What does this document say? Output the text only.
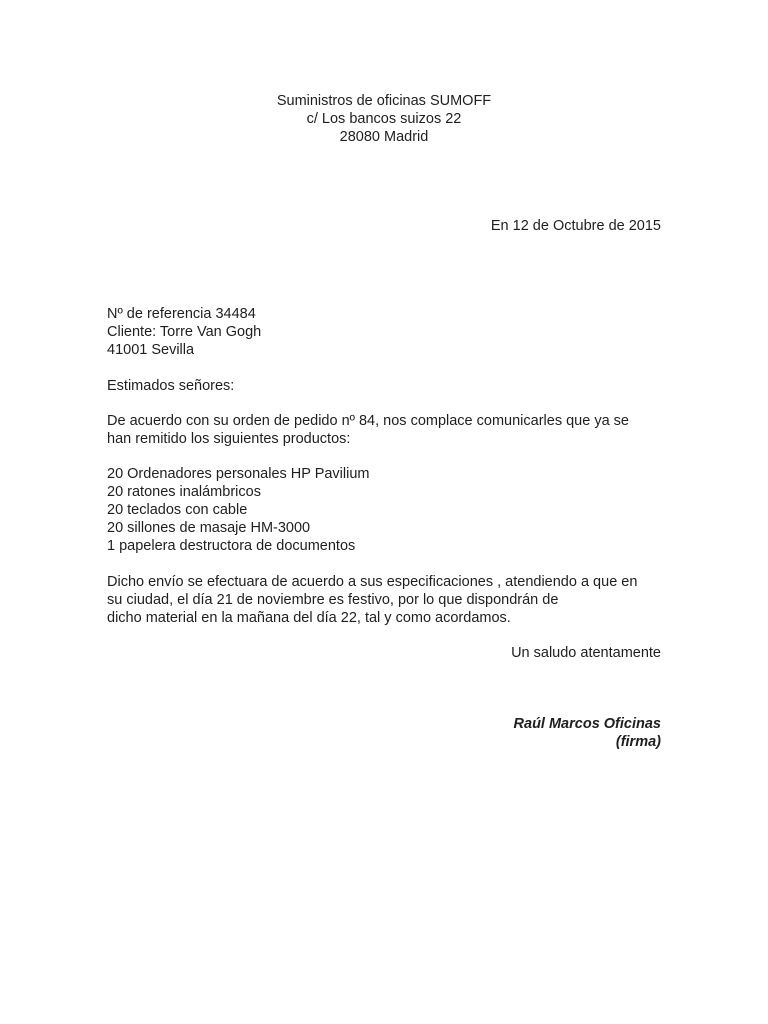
Suministros de oficinas SUMOFF
c/ Los bancos suizos 22
28080 Madrid
En 12 de Octubre de 2015
Nº de referencia 34484
Cliente: Torre Van Gogh
41001 Sevilla
Estimados señores:
De acuerdo con su orden de pedido nº 84, nos complace comunicarles que ya se
han remitido los siguientes productos:
20 Ordenadores personales HP Pavilium
20 ratones inalámbricos
20 teclados con cable
20 sillones de masaje HM-3000
1 papelera destructora de documentos
Dicho envío se efectuara de acuerdo a sus especificaciones , atendiendo a que en
su ciudad, el día 21 de noviembre es festivo, por lo que dispondrán de
dicho material en la mañana del día 22, tal y como acordamos.
Un saludo atentamente
Raúl Marcos Oficinas
(firma)
